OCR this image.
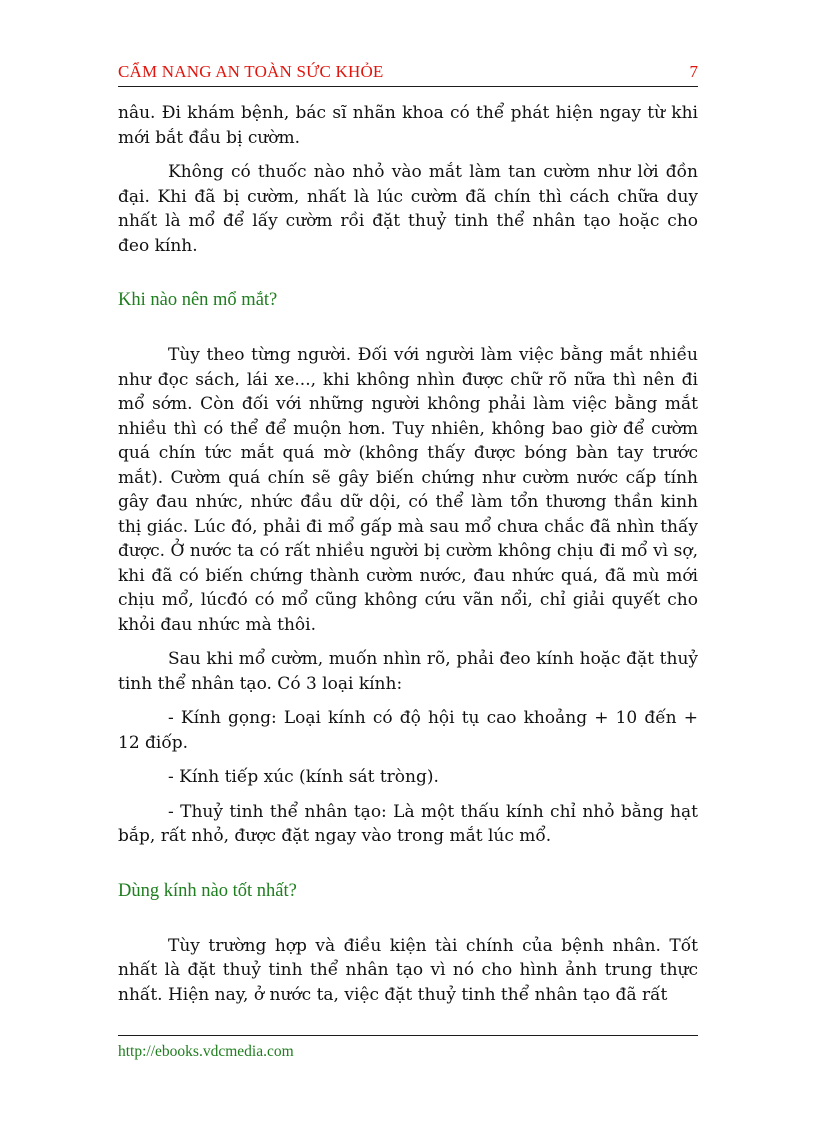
CẨM NANG AN TOÀN SỨC KHỎE	7

nâu. Đi khám bệnh, bác sĩ nhãn khoa có thể phát hiện ngay từ khi mới bắt đầu bị cườm.

Không có thuốc nào nhỏ vào mắt làm tan cườm như lời đồn đại. Khi đã bị cườm, nhất là lúc cườm đã chín thì cách chữa duy nhất là mổ để lấy cườm rồi đặt thuỷ tinh thể nhân tạo hoặc cho đeo kính.

Khi nào nên mổ mắt?

Tùy theo từng người. Đối với người làm việc bằng mắt nhiều như đọc sách, lái xe..., khi không nhìn được chữ rõ nữa thì nên đi mổ sớm. Còn đối với những người không phải làm việc bằng mắt nhiều thì có thể để muộn hơn. Tuy nhiên, không bao giờ để cườm quá chín tức mắt quá mờ (không thấy được bóng bàn tay trước mắt). Cườm quá chín sẽ gây biến chứng như cườm nước cấp tính gây đau nhức, nhức đầu dữ dội, có thể làm tổn thương thần kinh thị giác. Lúc đó, phải đi mổ gấp mà sau mổ chưa chắc đã nhìn thấy được. Ở nước ta có rất nhiều người bị cườm không chịu đi mổ vì sợ, khi đã có biến chứng thành cườm nước, đau nhức quá, đã mù mới chịu mổ, lúcđó có mổ cũng không cứu vãn nổi, chỉ giải quyết cho khỏi đau nhức mà thôi.

Sau khi mổ cườm, muốn nhìn rõ, phải đeo kính hoặc đặt thuỷ tinh thể nhân tạo. Có 3 loại kính:

- Kính gọng: Loại kính có độ hội tụ cao khoảng + 10 đến + 12 điốp.

- Kính tiếp xúc (kính sát tròng).

- Thuỷ tinh thể nhân tạo: Là một thấu kính chỉ nhỏ bằng hạt bắp, rất nhỏ, được đặt ngay vào trong mắt lúc mổ.

Dùng kính nào tốt nhất?

Tùy trường hợp và điều kiện tài chính của bệnh nhân. Tốt nhất là đặt thuỷ tinh thể nhân tạo vì nó cho hình ảnh trung thực nhất. Hiện nay, ở nước ta, việc đặt thuỷ tinh thể nhân tạo đã rất

http://ebooks.vdcmedia.com
